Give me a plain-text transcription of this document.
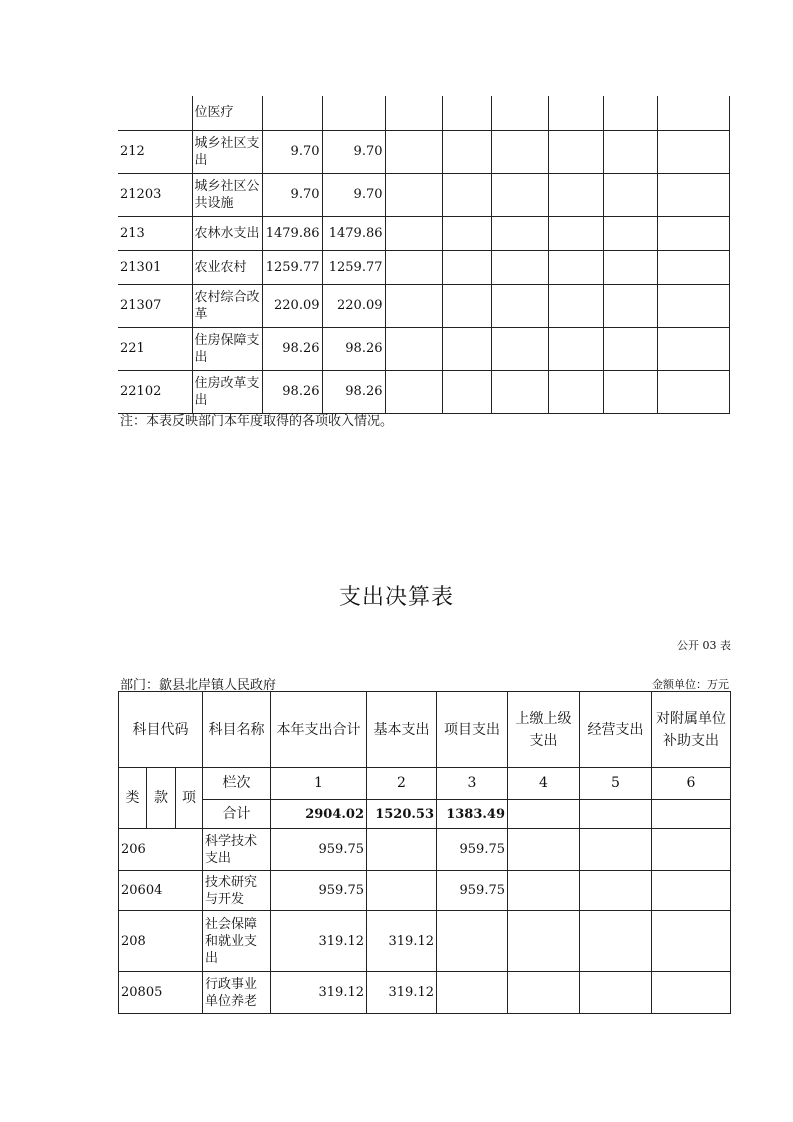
	位医疗								
212	城乡社区支出	9.70	9.70						
21203	城乡社区公共设施	9.70	9.70						
213	农林水支出	1479.86	1479.86						
21301	农业农村	1259.77	1259.77						
21307	农村综合改革	220.09	220.09						
221	住房保障支出	98.26	98.26						
22102	住房改革支出	98.26	98.26						
注：本表反映部门本年度取得的各项收入情况。
支出决算表
公开 03 表
部门：歙县北岸镇人民政府	金额单位：万元
科目代码			科目名称	本年支出合计	基本支出	项目支出	上缴上级支出	经营支出	对附属单位补助支出
类	款	项	栏次	1	2	3	4	5	6
			合计	2904.02	1520.53	1383.49			
206			科学技术支出	959.75		959.75			
20604			技术研究与开发	959.75		959.75			
208			社会保障和就业支出	319.12	319.12				
20805			行政事业单位养老	319.12	319.12				
